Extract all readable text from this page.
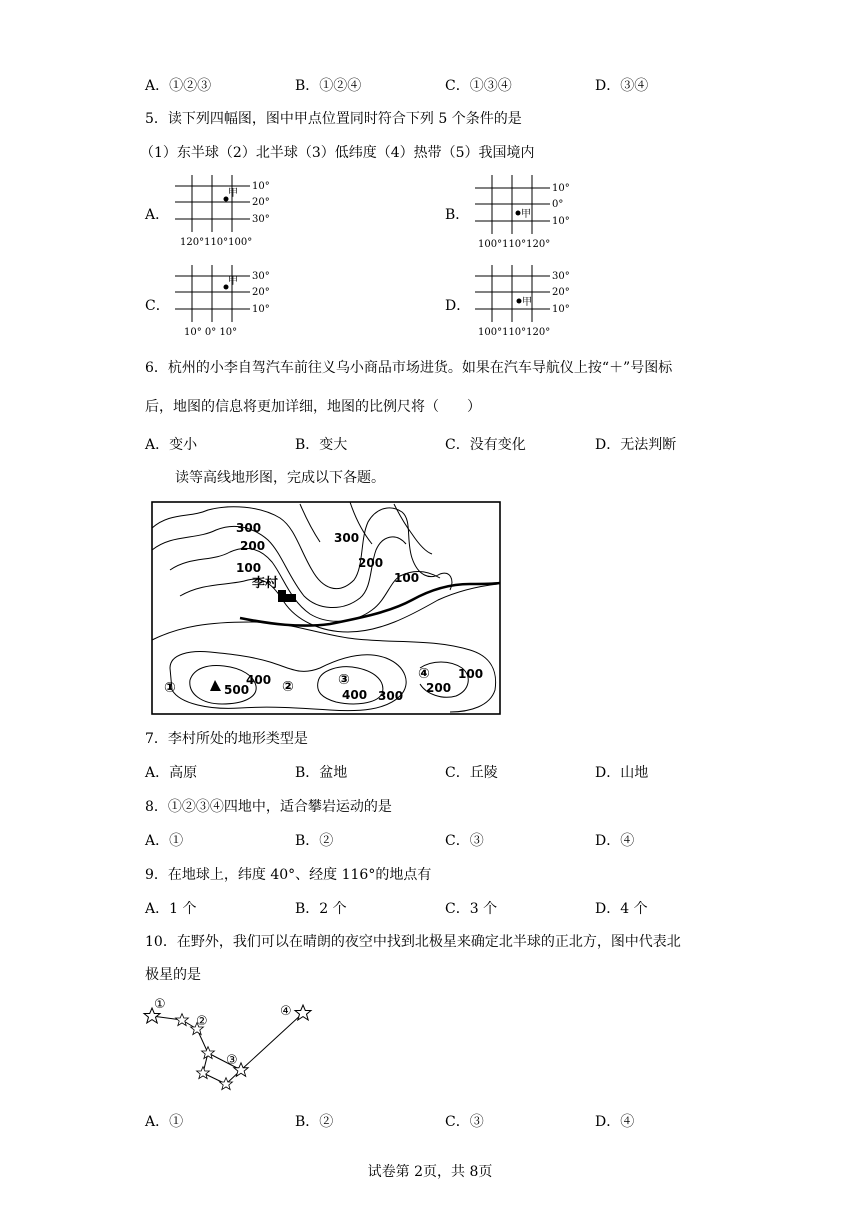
A．①②③	B．①②④	C．①③④	D．③④
5．读下列四幅图，图中甲点位置同时符合下列 5 个条件的是
（1）东半球（2）北半球（3）低纬度（4）热带（5）我国境内
A．	B．
C．	D．
甲
10°
20°
30°
120°110°100°
甲
10°
0°
10°
100°110°120°
甲 30°
20°
10°
10° 0° 10°
甲
30°
20°
10°
100°110°120°
6．杭州的小李自驾汽车前往义乌小商品市场进货。如果在汽车导航仪上按“＋”号图标
后，地图的信息将更加详细，地图的比例尺将（　　）
A．变小	B．变大	C．没有变化	D．无法判断
读等高线地形图，完成以下各题。
300
200
100
300
200
100
李村
①	500
400 ②	③
400 300
④
200
100
7．李村所处的地形类型是
A．高原	B．盆地	C．丘陵	D．山地
8．①②③④四地中，适合攀岩运动的是
A．①	B．②	C．③	D．④
9．在地球上，纬度 40°、经度 116°的地点有
A．1 个	B．2 个	C．3 个	D．4 个
10．在野外，我们可以在晴朗的夜空中找到北极星来确定北半球的正北方，图中代表北
极星的是
①
②
③
④
A．①	B．②	C．③	D．④
试卷第 2页，共 8页
